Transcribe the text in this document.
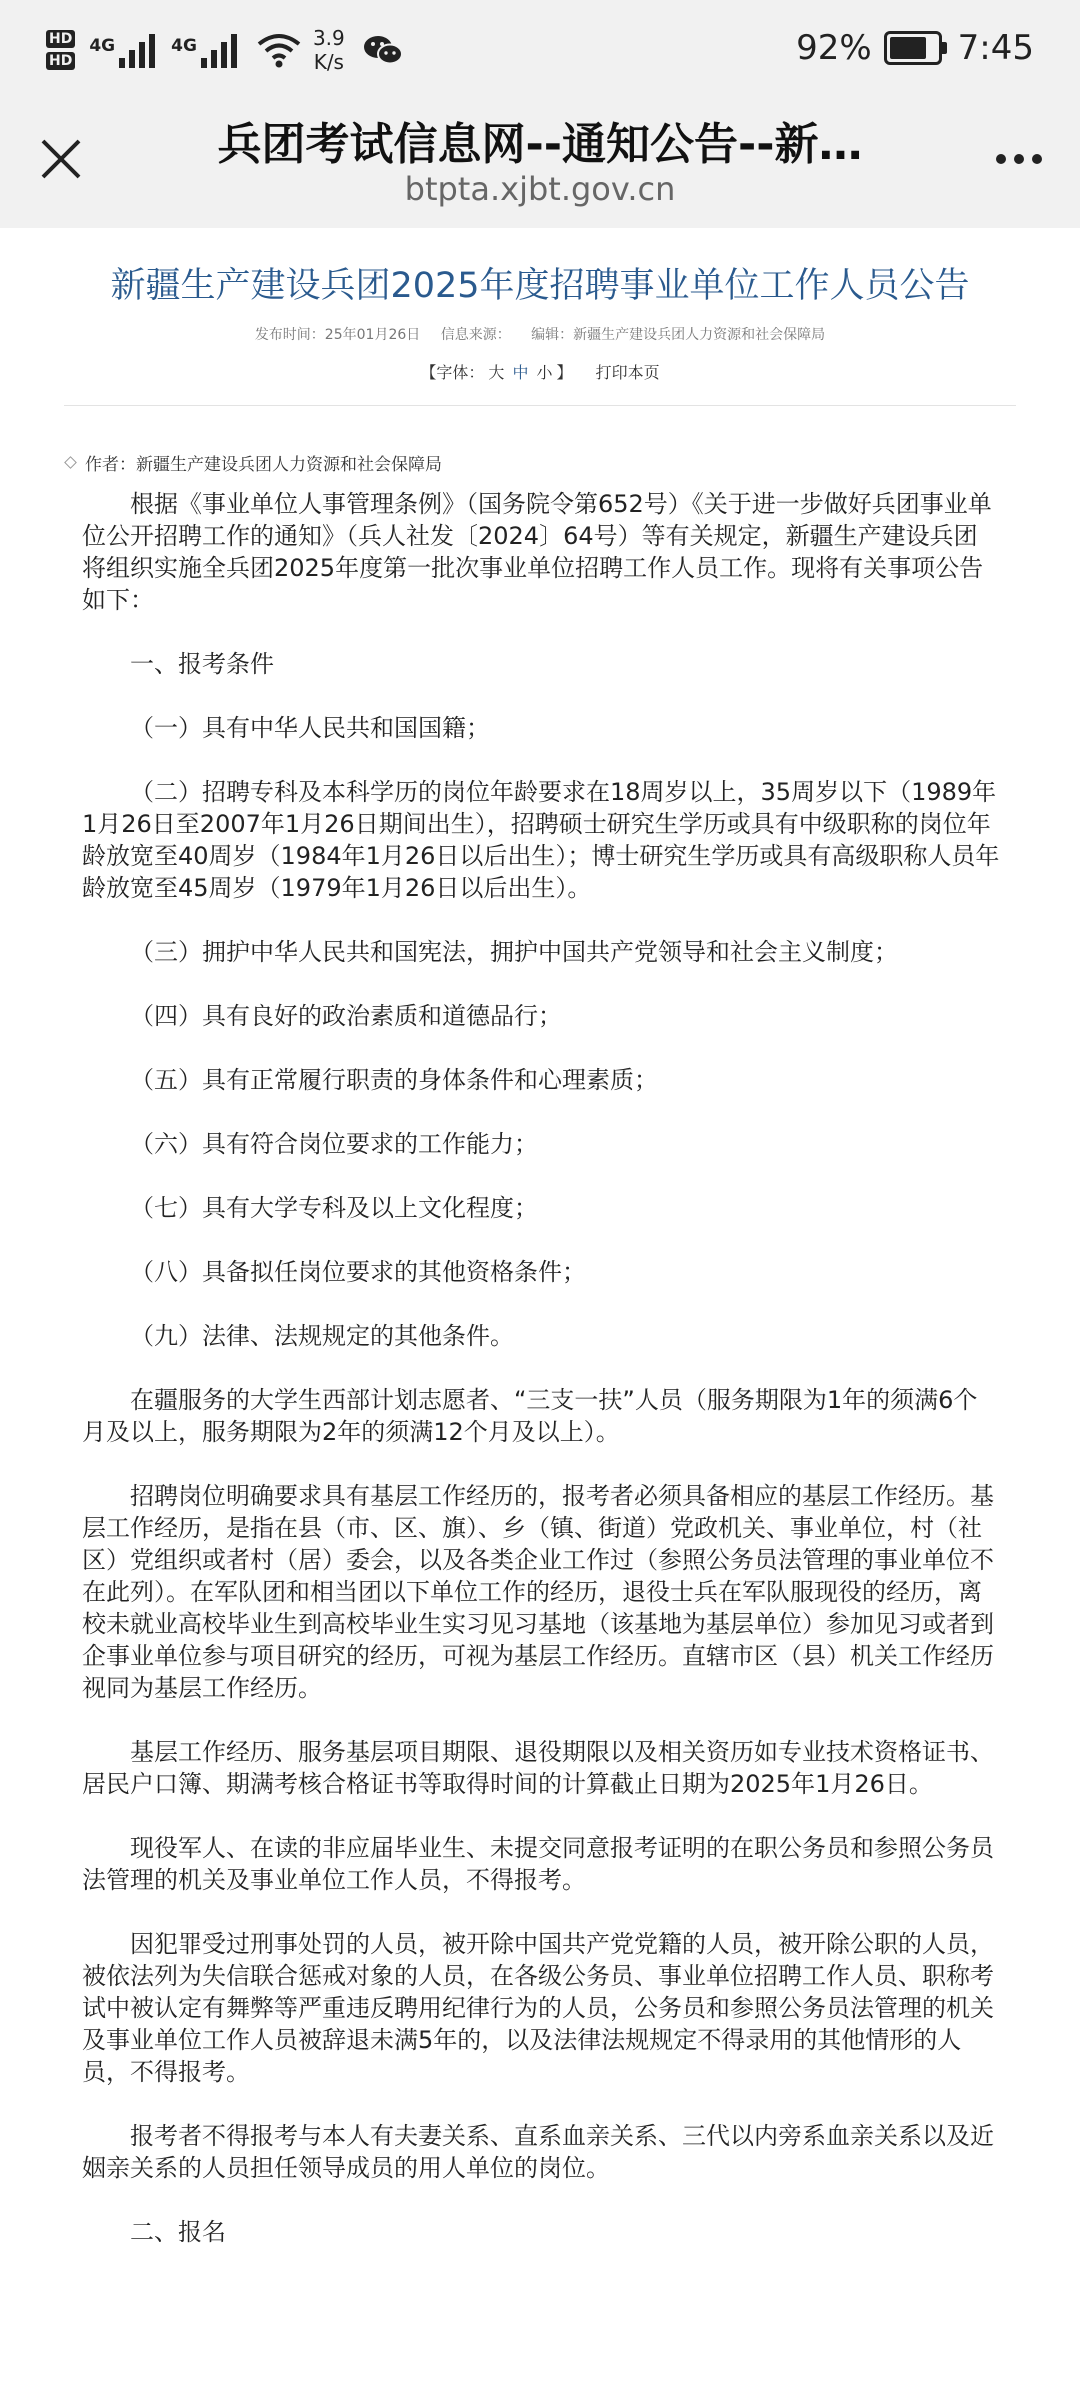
HD
HD
4G	4G	3.9
K/s	92%	7:45
兵团考试信息网--通知公告--新…
btpta.xjbt.gov.cn
新疆生产建设兵团2025年度招聘事业单位工作人员公告
发布时间：25年01月26日 信息来源： 编辑：新疆生产建设兵团人力资源和社会保障局
【字体： 大 中 小 】 打印本页
作者：新疆生产建设兵团人力资源和社会保障局

根据《事业单位人事管理条例》（国务院令第652号）《关于进一步做好兵团事业单位公开招聘工作的通知》（兵人社发〔2024〕64号）等有关规定，新疆生产建设兵团将组织实施全兵团2025年度第一批次事业单位招聘工作人员工作。现将有关事项公告如下：

一、报考条件

（一）具有中华人民共和国国籍；

（二）招聘专科及本科学历的岗位年龄要求在18周岁以上，35周岁以下（1989年1月26日至2007年1月26日期间出生），招聘硕士研究生学历或具有中级职称的岗位年龄放宽至40周岁（1984年1月26日以后出生）；博士研究生学历或具有高级职称人员年龄放宽至45周岁（1979年1月26日以后出生）。

（三）拥护中华人民共和国宪法，拥护中国共产党领导和社会主义制度；

（四）具有良好的政治素质和道德品行；

（五）具有正常履行职责的身体条件和心理素质；

（六）具有符合岗位要求的工作能力；

（七）具有大学专科及以上文化程度；

（八）具备拟任岗位要求的其他资格条件；

（九）法律、法规规定的其他条件。

在疆服务的大学生西部计划志愿者、“三支一扶”人员（服务期限为1年的须满6个月及以上，服务期限为2年的须满12个月及以上）。

招聘岗位明确要求具有基层工作经历的，报考者必须具备相应的基层工作经历。基层工作经历，是指在县（市、区、旗）、乡（镇、街道）党政机关、事业单位，村（社区）党组织或者村（居）委会，以及各类企业工作过（参照公务员法管理的事业单位不在此列）。在军队团和相当团以下单位工作的经历，退役士兵在军队服现役的经历，离校未就业高校毕业生到高校毕业生实习见习基地（该基地为基层单位）参加见习或者到企事业单位参与项目研究的经历，可视为基层工作经历。直辖市区（县）机关工作经历视同为基层工作经历。

基层工作经历、服务基层项目期限、退役期限以及相关资历如专业技术资格证书、居民户口簿、期满考核合格证书等取得时间的计算截止日期为2025年1月26日。

现役军人、在读的非应届毕业生、未提交同意报考证明的在职公务员和参照公务员法管理的机关及事业单位工作人员，不得报考。

因犯罪受过刑事处罚的人员，被开除中国共产党党籍的人员，被开除公职的人员，被依法列为失信联合惩戒对象的人员，在各级公务员、事业单位招聘工作人员、职称考试中被认定有舞弊等严重违反聘用纪律行为的人员，公务员和参照公务员法管理的机关及事业单位工作人员被辞退未满5年的，以及法律法规规定不得录用的其他情形的人员，不得报考。

报考者不得报考与本人有夫妻关系、直系血亲关系、三代以内旁系血亲关系以及近姻亲关系的人员担任领导成员的用人单位的岗位。

二、报名
